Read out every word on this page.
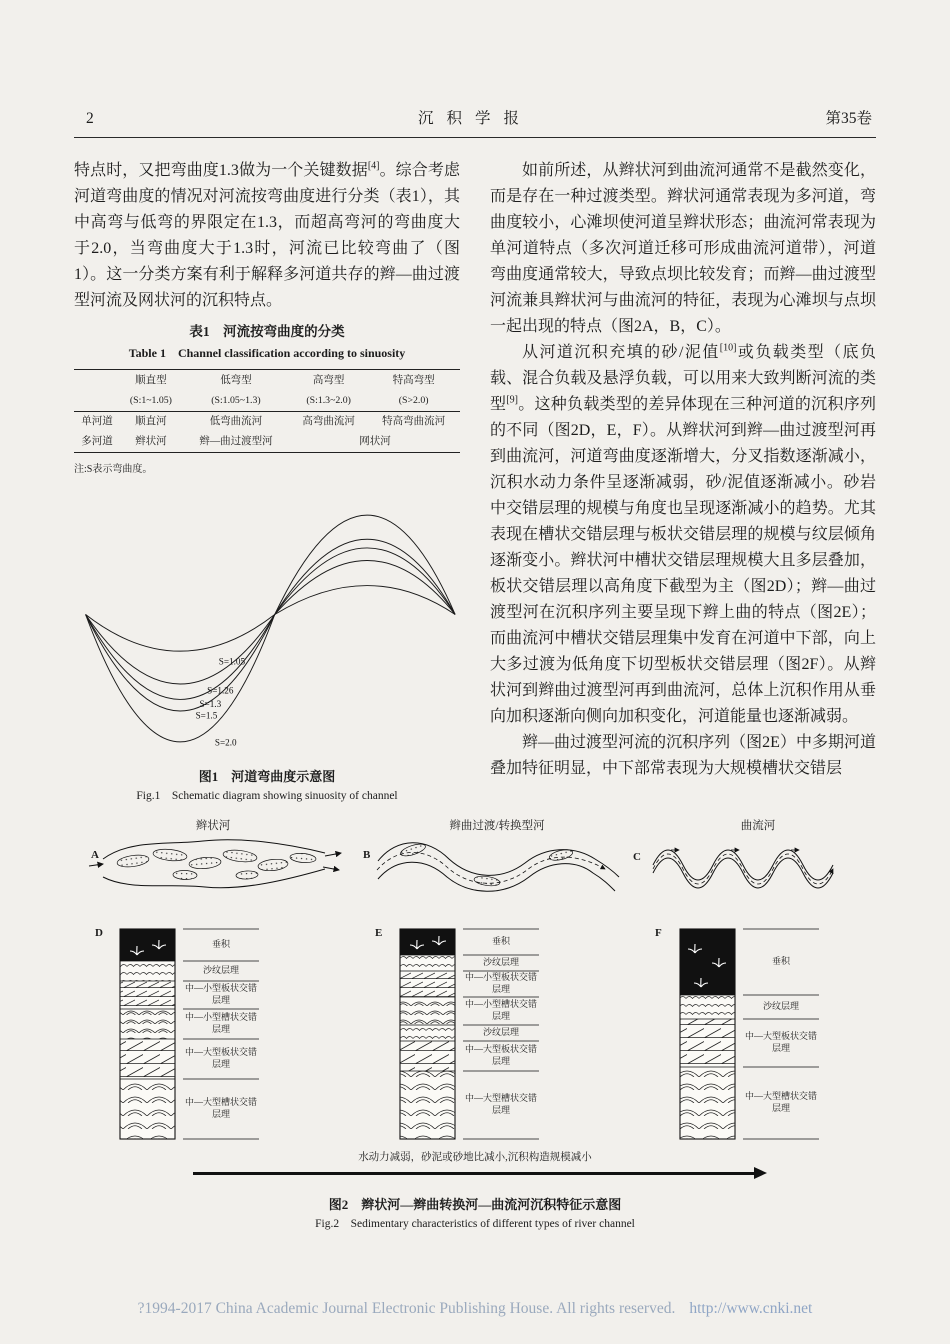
2	沉积学报	第35卷

特点时，又把弯曲度1.3做为一个关键数据[4]。综合考虑河道弯曲度的情况对河流按弯曲度进行分类（表1），其中高弯与低弯的界限定在1.3，而超高弯河的弯曲度大于2.0，当弯曲度大于1.3时，河流已比较弯曲了（图1）。这一分类方案有利于解释多河道共存的辫—曲过渡型河流及网状河的沉积特点。

表1　河流按弯曲度的分类
Table 1　Channel classification according to sinuosity
	顺直型	低弯型	高弯型	特高弯型
	(S:1~1.05)	(S:1.05~1.3)	(S:1.3~2.0)	(S>2.0)
单河道	顺直河	低弯曲流河	高弯曲流河	特高弯曲流河
多河道	辫状河	辫—曲过渡型河	网状河	
注:S表示弯曲度。
S=1.05
S=1.26
S=1.3
S=1.5
S=2.0
图1　河道弯曲度示意图
Fig.1　Schematic diagram showing sinuosity of channel

如前所述，从辫状河到曲流河通常不是截然变化，而是存在一种过渡类型。辫状河通常表现为多河道，弯曲度较小，心滩坝使河道呈辫状形态；曲流河常表现为单河道特点（多次河道迁移可形成曲流河道带），河道弯曲度通常较大，导致点坝比较发育；而辫—曲过渡型河流兼具辫状河与曲流河的特征，表现为心滩坝与点坝一起出现的特点（图2A，B，C）。

从河道沉积充填的砂/泥值[10]或负载类型（底负载、混合负载及悬浮负载，可以用来大致判断河流的类型[9]。这种负载类型的差异体现在三种河道的沉积序列的不同（图2D，E，F）。从辫状河到辫—曲过渡型河再到曲流河，河道弯曲度逐渐增大，分叉指数逐渐减小，沉积水动力条件呈逐渐减弱，砂/泥值逐渐减小。砂岩中交错层理的规模与角度也呈现逐渐减小的趋势。尤其表现在槽状交错层理与板状交错层理的规模与纹层倾角逐渐变小。辫状河中槽状交错层理规模大且多层叠加，板状交错层理以高角度下截型为主（图2D）；辫—曲过渡型河在沉积序列主要呈现下辫上曲的特点（图2E）；而曲流河中槽状交错层理集中发育在河道中下部，向上大多过渡为低角度下切型板状交错层理（图2F）。从辫状河到辫曲过渡型河再到曲流河，总体上沉积作用从垂向加积逐渐向侧向加积变化，河道能量也逐渐减弱。

辫—曲过渡型河流的沉积序列（图2E）中多期河道叠加特征明显，中下部常表现为大规模槽状交错层

辫状河	辫曲过渡/转换型河	曲流河
A	B	C
D	E	F
垂积
沙纹层理
中—小型板状交错层理
中—小型槽状交错层理
中—大型板状交错层理
中—大型槽状交错层理
垂积
沙纹层理
中—小型板状交错层理
中—小型槽状交错层理
沙纹层理
中—大型板状交错层理
中—大型槽状交错层理
垂积
沙纹层理
中—大型板状交错层理
中—大型槽状交错层理
水动力减弱，砂泥或砂地比减小,沉积构造规模减小
图2　辫状河—辫曲转换河—曲流河沉积特征示意图
Fig.2　Sedimentary characteristics of different types of river channel
?1994-2017 China Academic Journal Electronic Publishing House. All rights reserved. http://www.cnki.net
